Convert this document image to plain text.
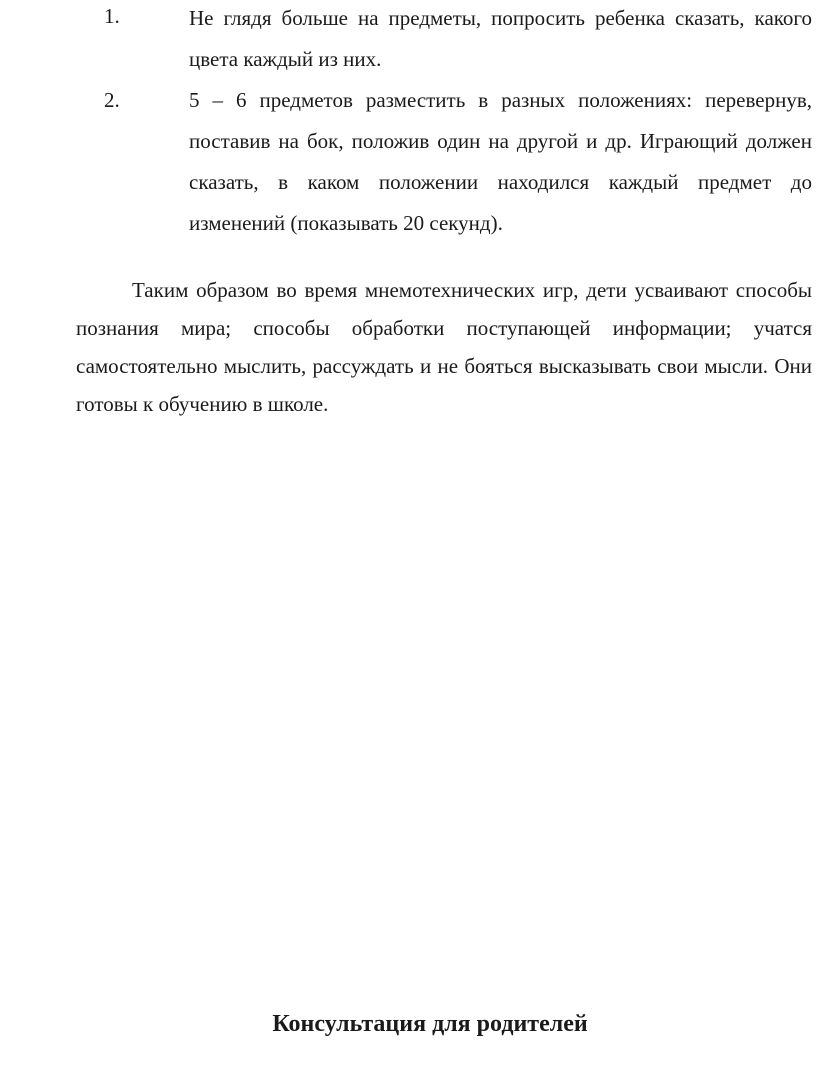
1.	Не глядя больше на предметы, попросить ребенка сказать, какого цвета каждый из них.
2.	5 – 6 предметов разместить в разных положениях: перевернув, поставив на бок, положив один на другой и др. Играющий должен сказать, в каком положении находился каждый предмет до изменений (показывать 20 секунд).

Таким образом во время мнемотехнических игр, дети усваивают способы познания мира; способы обработки поступающей информации; учатся самостоятельно мыслить, рассуждать и не бояться высказывать свои мысли. Они готовы к обучению в школе.

Консультация для родителей
